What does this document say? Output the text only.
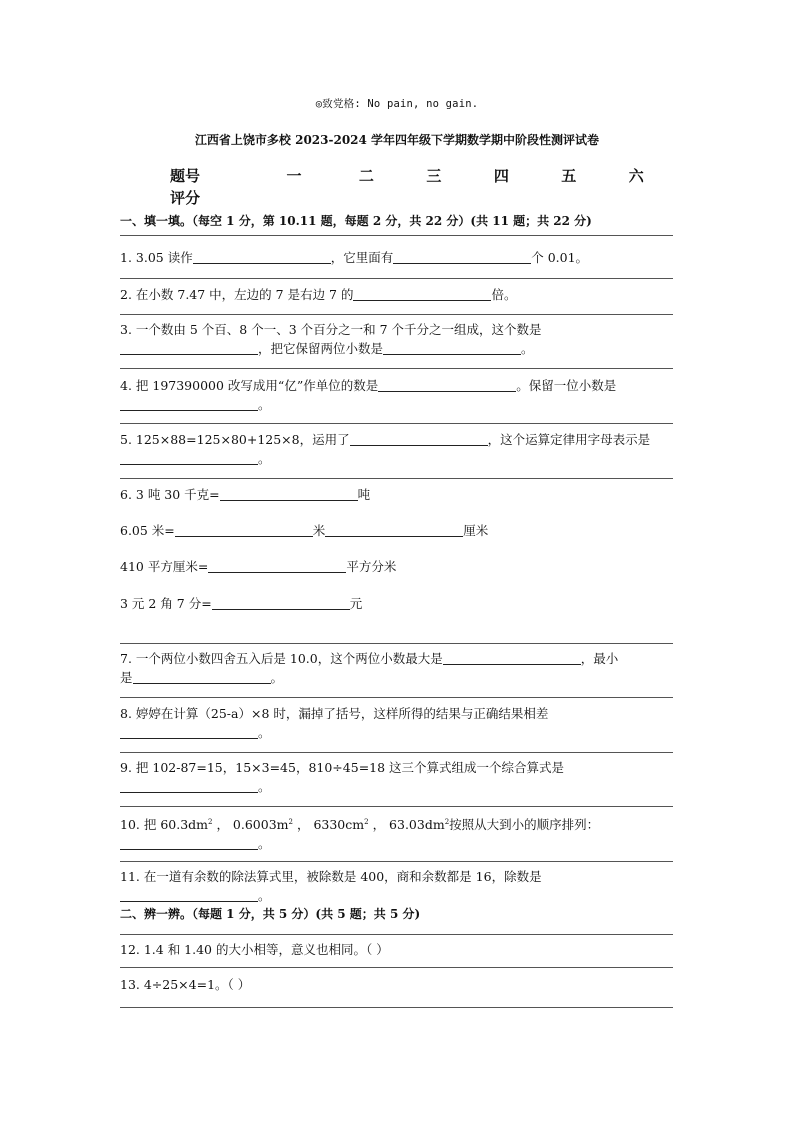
◎致党格: No pain, no gain.
江西省上饶市多校 2023-2024 学年四年级下学期数学期中阶段性测评试卷
题号	一	二	三	四	五	六
评分
一、填一填。（每空 1 分，第 10.11 题，每题 2 分，共 22 分）(共 11 题；共 22 分)
1. 3.05 读作	，它里面有	个 0.01。
2. 在小数 7.47 中，左边的 7 是右边 7 的	倍。
3. 一个数由 5 个百、8 个一、3 个百分之一和 7 个千分之一组成，这个数是
，把它保留两位小数是	。
4. 把 197390000 改写成用“亿”作单位的数是	。保留一位小数是
。
5. 125×88=125×80+125×8，运用了	，这个运算定律用字母表示是
。
6. 3 吨 30 千克=	吨
6.05 米=	米	厘米
410 平方厘米=	平方分米
3 元 2 角 7 分=	元
7. 一个两位小数四舍五入后是 10.0，这个两位小数最大是	，最小
是	。
8. 婷婷在计算（25-a）×8 时，漏掉了括号，这样所得的结果与正确结果相差
。
9. 把 102-87=15，15×3=45，810÷45=18 这三个算式组成一个综合算式是
。
10. 把 $60.3dm^2$ ， $0.6003m^2$ ， $6330cm^2$ ， $63.03dm^2$按照从大到小的顺序排列：
。
11. 在一道有余数的除法算式里，被除数是 400，商和余数都是 16，除数是
。
二、辨一辨。（每题 1 分，共 5 分）(共 5 题；共 5 分)
12. 1.4 和 1.40 的大小相等，意义也相同。（ ）
13. 4÷25×4=1。（ ）
